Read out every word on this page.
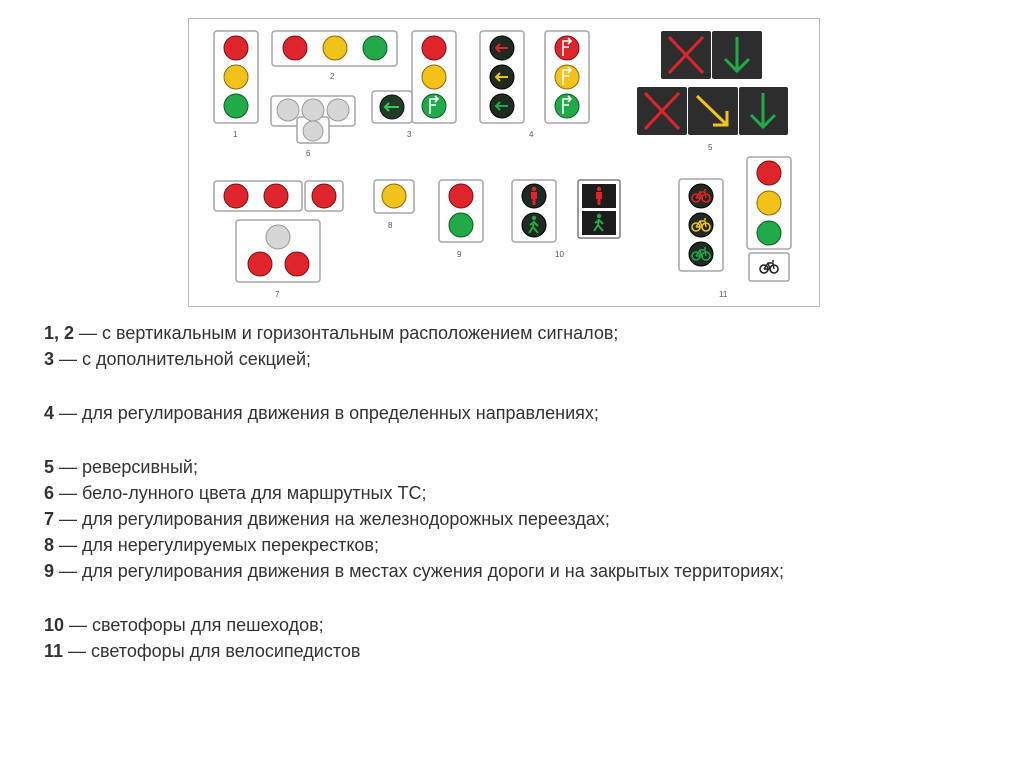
1
2
6
3	4
5
7
8
9	10
11
1, 2 — с вертикальным и горизонтальным расположением сигналов;
3 — с дополнительной секцией;
4 — для регулирования движения в определенных направлениях;
5 — реверсивный;
6 — бело-лунного цвета для маршрутных ТС;
7 — для регулирования движения на железнодорожных переездах;
8 — для нерегулируемых перекрестков;
9 — для регулирования движения в местах сужения дороги и на закрытых территориях;
10 — светофоры для пешеходов;
11 — светофоры для велосипедистов
